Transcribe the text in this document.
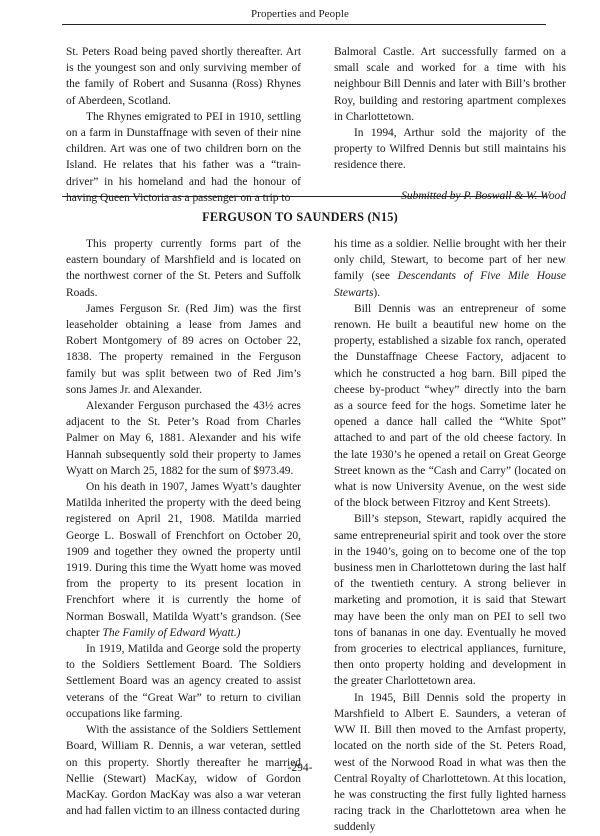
Properties and People

St. Peters Road being paved shortly thereafter. Art is the youngest son and only surviving member of the family of Robert and Susanna (Ross) Rhynes of Aberdeen, Scotland.

The Rhynes emigrated to PEI in 1910, settling on a farm in Dunstaffnage with seven of their nine children. Art was one of two children born on the Island. He relates that his father was a “train-driver” in his homeland and had the honour of having Queen Victoria as a passenger on a trip to

Balmoral Castle. Art successfully farmed on a small scale and worked for a time with his neighbour Bill Dennis and later with Bill’s brother Roy, building and restoring apartment complexes in Charlottetown.

In 1994, Arthur sold the majority of the property to Wilfred Dennis but still maintains his residence there.

Submitted by P. Boswall & W. Wood

FERGUSON TO SAUNDERS (N15)

This property currently forms part of the eastern boundary of Marshfield and is located on the northwest corner of the St. Peters and Suffolk Roads.

James Ferguson Sr. (Red Jim) was the first leaseholder obtaining a lease from James and Robert Montgomery of 89 acres on October 22, 1838. The property remained in the Ferguson family but was split between two of Red Jim’s sons James Jr. and Alexander.

Alexander Ferguson purchased the 43½ acres adjacent to the St. Peter’s Road from Charles Palmer on May 6, 1881. Alexander and his wife Hannah subsequently sold their property to James Wyatt on March 25, 1882 for the sum of $973.49.

On his death in 1907, James Wyatt’s daughter Matilda inherited the property with the deed being registered on April 21, 1908. Matilda married George L. Boswall of Frenchfort on October 20, 1909 and together they owned the property until 1919. During this time the Wyatt home was moved from the property to its present location in Frenchfort where it is currently the home of Norman Boswall, Matilda Wyatt’s grandson. (See chapter The Family of Edward Wyatt.)

In 1919, Matilda and George sold the property to the Soldiers Settlement Board. The Soldiers Settlement Board was an agency created to assist veterans of the “Great War” to return to civilian occupations like farming.

With the assistance of the Soldiers Settlement Board, William R. Dennis, a war veteran, settled on this property. Shortly thereafter he married Nellie (Stewart) MacKay, widow of Gordon MacKay. Gordon MacKay was also a war veteran and had fallen victim to an illness contacted during

his time as a soldier. Nellie brought with her their only child, Stewart, to become part of her new family (see Descendants of Five Mile House Stewarts).

Bill Dennis was an entrepreneur of some renown. He built a beautiful new home on the property, established a sizable fox ranch, operated the Dunstaffnage Cheese Factory, adjacent to which he constructed a hog barn. Bill piped the cheese by-product “whey” directly into the barn as a source feed for the hogs. Sometime later he opened a dance hall called the “White Spot” attached to and part of the old cheese factory. In the late 1930’s he opened a retail on Great George Street known as the “Cash and Carry” (located on what is now University Avenue, on the west side of the block between Fitzroy and Kent Streets).

Bill’s stepson, Stewart, rapidly acquired the same entrepreneurial spirit and took over the store in the 1940’s, going on to become one of the top business men in Charlottetown during the last half of the twentieth century. A strong believer in marketing and promotion, it is said that Stewart may have been the only man on PEI to sell two tons of bananas in one day. Eventually he moved from groceries to electrical appliances, furniture, then onto property holding and development in the greater Charlottetown area.

In 1945, Bill Dennis sold the property in Marshfield to Albert E. Saunders, a veteran of WW II. Bill then moved to the Arnfast property, located on the north side of the St. Peters Road, west of the Norwood Road in what was then the Central Royalty of Charlottetown. At this location, he was constructing the first fully lighted harness racing track in the Charlottetown area when he suddenly

-294-
